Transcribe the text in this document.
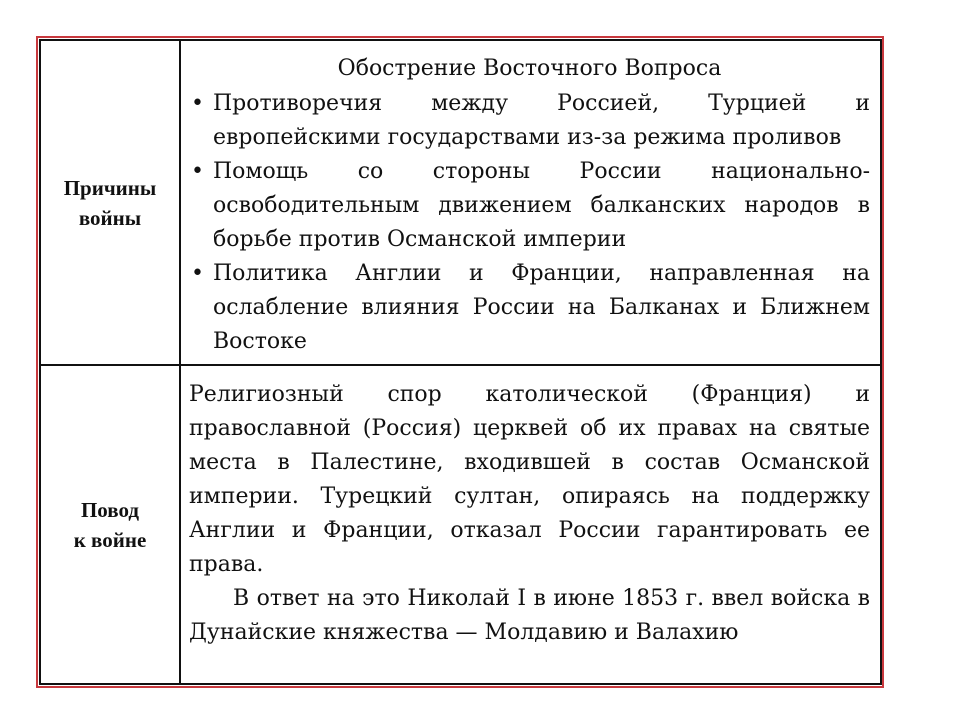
Причины
войны
Обострение Восточного Вопроса
• Противоречия между Россией, Турцией и европейскими государствами из-за режима проливов
• Помощь со стороны России национально-освободительным движением балканских народов в борьбе против Османской империи
• Политика Англии и Франции, направленная на ослабление влияния России на Балканах и Ближнем Востоке
Повод
к войне

Религиозный спор католической (Франция) и православной (Россия) церквей об их правах на святые места в Палестине, входившей в состав Османской империи. Турецкий султан, опираясь на поддержку Англии и Франции, отказал России гарантировать ее права.

В ответ на это Николай I в июне 1853 г. ввел войска в Дунайские княжества — Молдавию и Валахию
